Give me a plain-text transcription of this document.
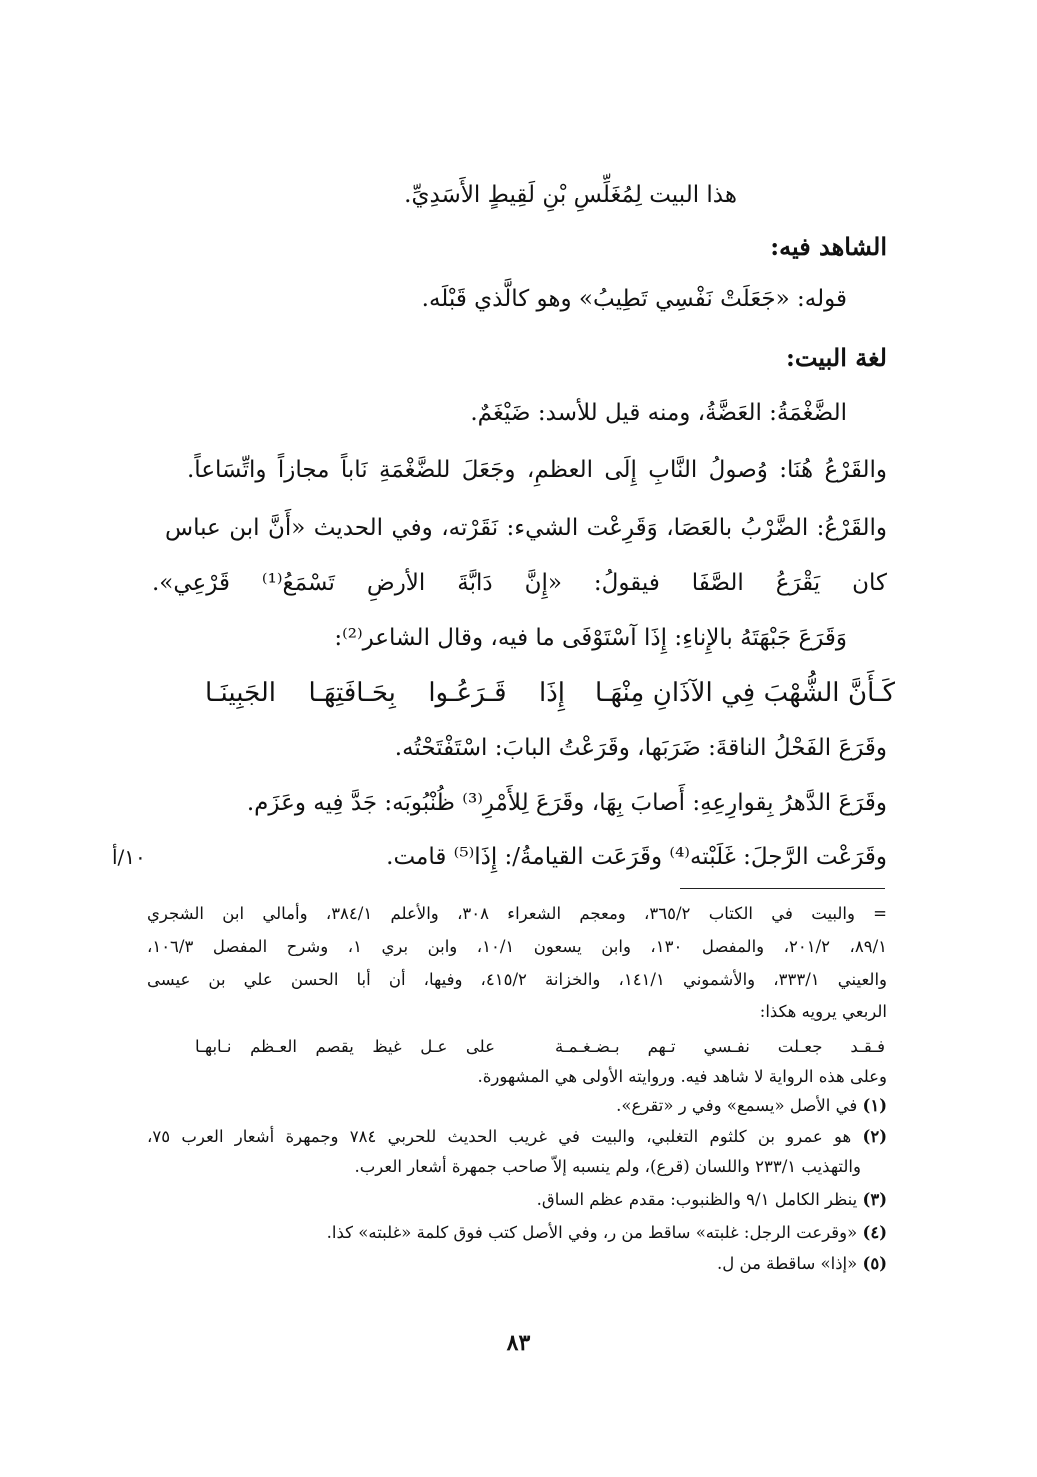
هذا البيت لِمُغَلِّسِ بْنِ لَقِيطٍ الأَسَدِيِّ.
الشاهد فيه:
قوله: «جَعَلَتْ نَفْسِي تَطِيبُ» وهو كالَّذي قَبْلَه.
لغة البيت:
الضَّغْمَةُ: العَضَّةُ، ومنه قيل للأسد: ضَيْغَمٌ.
والقَرْعُ هُنَا: وُصولُ النَّابِ إِلَى العظمِ، وجَعَلَ للضَّغْمَةِ نَاباً مجازاً واتِّسَاعاً.
والقَرْعُ: الضَّرْبُ بالعَصَا، وَقَرِعْت الشيء: نَقَرْته، وفي الحديث «أَنَّ ابن عباس
كان يَقْرَعُ الصَّفَا فيقولُ: «إِنَّ دَابَّةَ الأرضِ تَسْمَعُ⁽¹⁾ قَرْعِي».
وَقَرَعَ جَبْهَتَهُ بالإِناءِ: إِذَا آسْتَوْفَى ما فيه، وقال الشاعر⁽²⁾:
كَـأَنَّ الشُّهْبَ فِي الآذَانِ مِنْهَـا
إِذَا قَـرَعُـوا بِحَـافَتِهَـا الجَبِينَـا
وقَرَعَ الفَحْلُ الناقةَ: ضَرَبَها، وقَرَعْتُ البابَ: اسْتَفْتَحْتُه.
وقَرَعَ الدَّهرُ بِقوارِعِهِ: أَصابَ بِهَا، وقَرَعَ لِلأَمْرِ⁽³⁾ ظُنْبُوبَه: جَدَّ فِيه وعَزَم.
وقَرَعْت الرَّجلَ: غَلَبْته⁽⁴⁾ وقَرَعَت القيامةُ/: إِذَا⁽⁵⁾ قامت.
١٠/أ
=
والبيت في الكتاب ٣٦٥/٢، ومعجم الشعراء ٣٠٨، والأعلم ٣٨٤/١، وأمالي ابن الشجري
٨٩/١، ٢٠١/٢، والمفصل ١٣٠، وابن يسعون ١٠/١، وابن بري ١، وشرح المفصل ١٠٦/٣،
والعيني ٣٣٣/١، والأشموني ١٤١/١، والخزانة ٤١٥/٢، وفيها، أن أبا الحسن علي بن عيسى
الربعي يرويه هكذا:
فـقـد جعـلت نفـسي تـهم بـضـغـمـة
على عـل غيظ يقصم العـظم نـابهـا
وعلى هذه الرواية لا شاهد فيه. وروايته الأولى هي المشهورة.
(١) في الأصل «يسمع» وفي ر «تقرع».
(٢) هو عمرو بن كلثوم التغلبي، والبيت في غريب الحديث للحربي ٧٨٤ وجمهرة أشعار العرب ٧٥،
والتهذيب ٢٣٣/١ واللسان (قرع)، ولم ينسبه إلاّ صاحب جمهرة أشعار العرب.
(٣) ينظر الكامل ٩/١ والظنبوب: مقدم عظم الساق.
(٤) «وقرعت الرجل: غلبته» ساقط من ر، وفي الأصل كتب فوق كلمة «غلبته» كذا.
(٥) «إذا» ساقطة من ل.
٨٣
